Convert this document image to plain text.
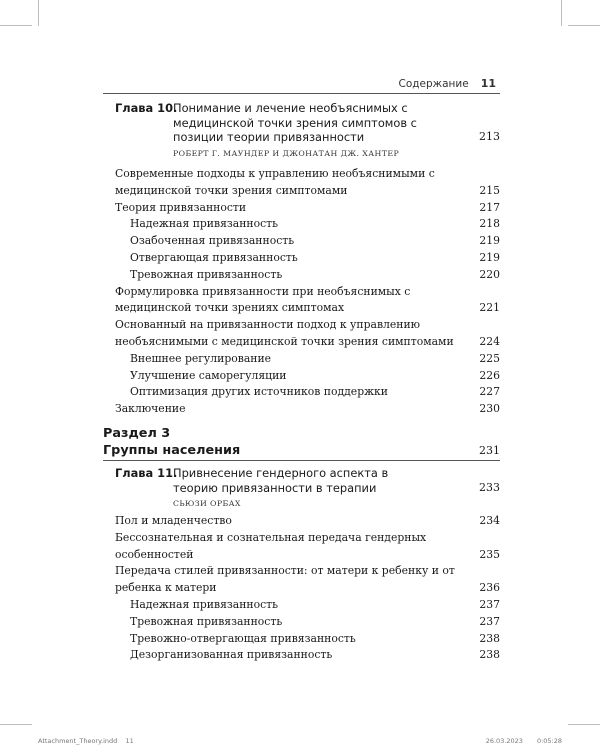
Содержание 11
Глава 10.
Понимание и лечение необъяснимых с медицинской точки зрения симптомов с позиции теории привязанности	213
РОБЕРТ Г. МАУНДЕР И ДЖОНАТАН ДЖ. ХАНТЕР
Современные подходы к управлению необъяснимыми с медицинской точки зрения симптомами	215
Теория привязанности	217
Надежная привязанность	218
Озабоченная привязанность	219
Отвергающая привязанность	219
Тревожная привязанность	220
Формулировка привязанности при необъяснимых с медицинской точки зрениях симптомах	221
Основанный на привязанности подход к управлению необъяснимыми с медицинской точки зрения симптомами 224
Внешнее регулирование	225
Улучшение саморегуляции	226
Оптимизация других источников поддержки	227
Заключение	230
Раздел 3
Группы населения	231
Глава 11.
Привнесение гендерного аспекта в теорию привязанности в терапии	233
СЬЮЗИ ОРБАХ
Пол и младенчество	234
Бессознательная и сознательная передача гендерных особенностей	235
Передача стилей привязанности: от матери к ребенку и от ребенка к матери	236
Надежная привязанность	237
Тревожная привязанность	237
Тревожно-отвергающая привязанность	238
Дезорганизованная привязанность	238
Attachment_Theory.indd 11	26.03.2023 0:05:28
